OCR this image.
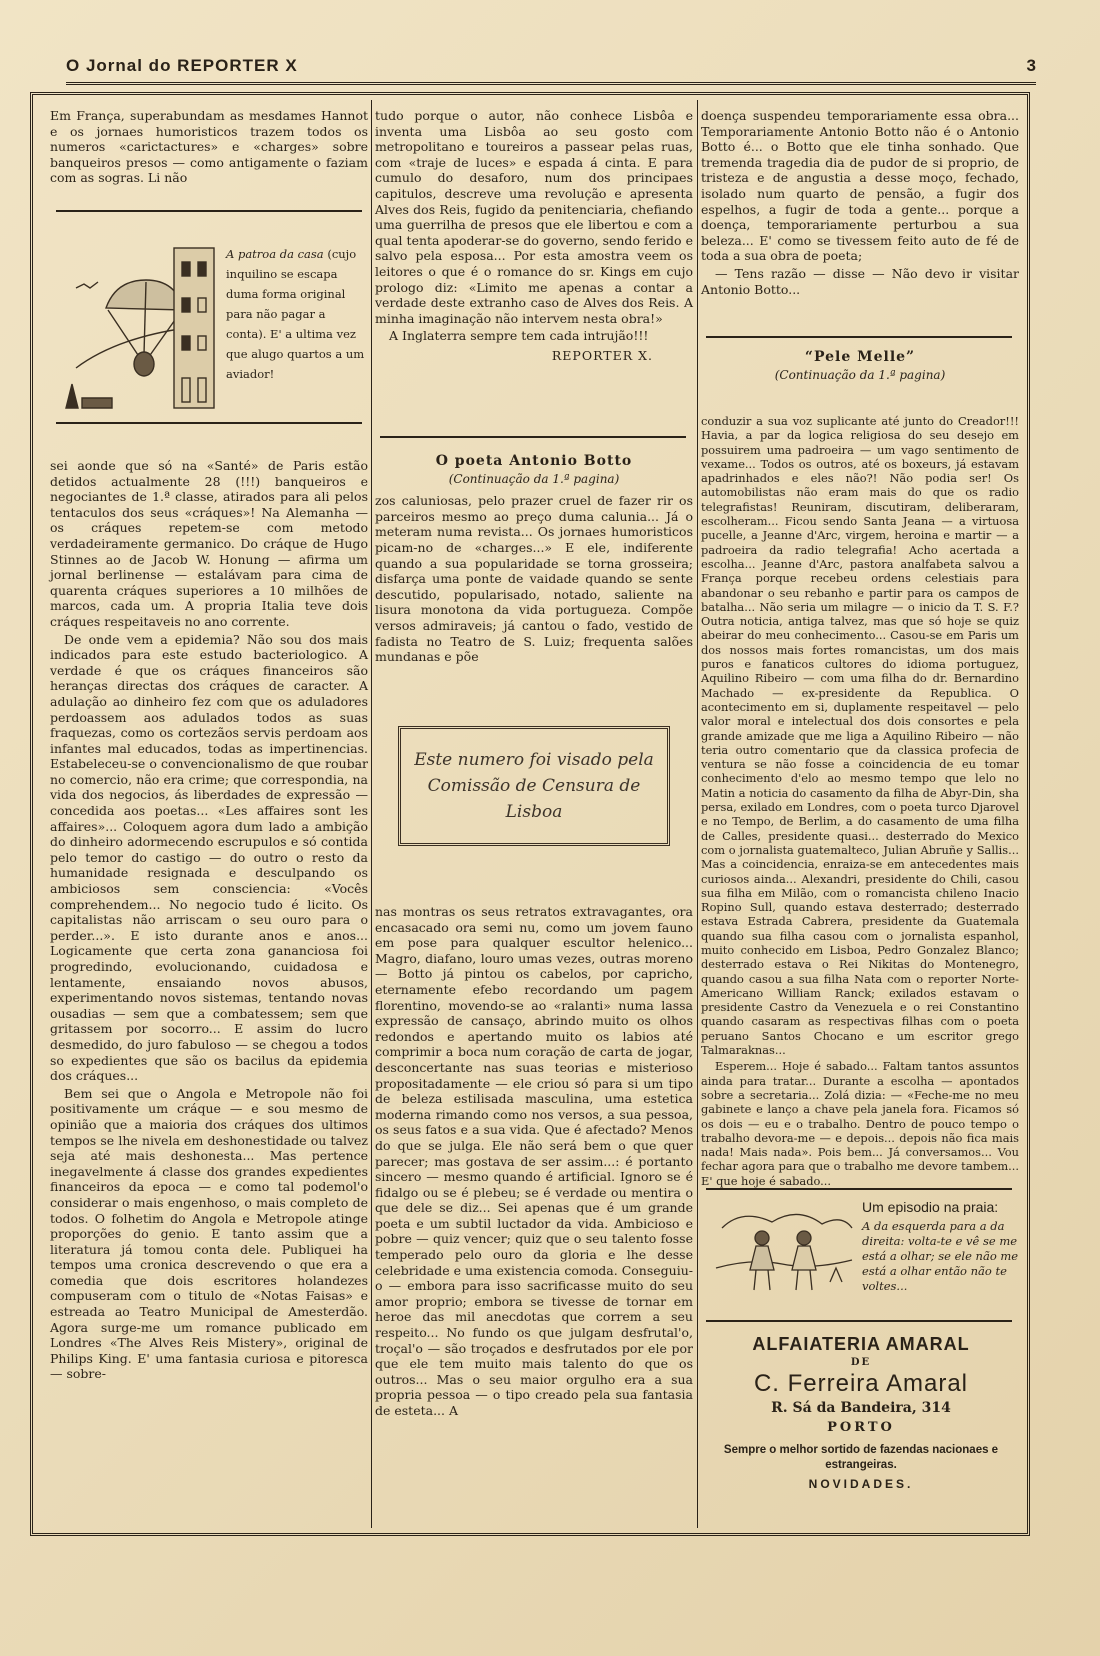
O Jornal do REPORTER X	3

Em França, superabundam as mesdames Hannot e os jornaes humoristicos trazem todos os numeros «carictactures» e «charges» sobre banqueiros presos — como antigamente o faziam com as sogras. Li não

A patroa da casa (cujo inquilino se escapa duma forma original para não pagar a conta). E' a ultima vez que alugo quartos a um aviador!

sei aonde que só na «Santé» de Paris estão detidos actualmente 28 (!!!) banqueiros e negociantes de 1.ª classe, atirados para ali pelos tentaculos dos seus «cráques»! Na Alemanha — os cráques repetem-se com metodo verdadeiramente germanico. Do cráque de Hugo Stinnes ao de Jacob W. Honung — afirma um jornal berlinense — estalávam para cima de quarenta cráques superiores a 10 milhões de marcos, cada um. A propria Italia teve dois cráques respeitaveis no ano corrente.

De onde vem a epidemia? Não sou dos mais indicados para este estudo bacteriologico. A verdade é que os cráques financeiros são heranças directas dos cráques de caracter. A adulação ao dinheiro fez com que os aduladores perdoassem aos adulados todos as suas fraquezas, como os cortezãos servis perdoam aos infantes mal educados, todas as impertinencias. Estabeleceu-se o convencionalismo de que roubar no comercio, não era crime; que correspondia, na vida dos negocios, ás liberdades de expressão — concedida aos poetas... «Les affaires sont les affaires»... Coloquem agora dum lado a ambição do dinheiro adormecendo escrupulos e só contida pelo temor do castigo — do outro o resto da humanidade resignada e desculpando os ambiciosos sem consciencia: «Vocês comprehendem... No negocio tudo é licito. Os capitalistas não arriscam o seu ouro para o perder...». E isto durante anos e anos... Logicamente que certa zona gananciosa foi progredindo, evolucionando, cuidadosa e lentamente, ensaiando novos abusos, experimentando novos sistemas, tentando novas ousadias — sem que a combatessem; sem que gritassem por socorro... E assim do lucro desmedido, do juro fabuloso — se chegou a todos so expedientes que são os bacilus da epidemia dos cráques...

Bem sei que o Angola e Metropole não foi positivamente um cráque — e sou mesmo de opinião que a maioria dos cráques dos ultimos tempos se lhe nivela em deshonestidade ou talvez seja até mais deshonesta... Mas pertence inegavelmente á classe dos grandes expedientes financeiros da epoca — e como tal podemol'o considerar o mais engenhoso, o mais completo de todos. O folhetim do Angola e Metropole atinge proporções do genio. E tanto assim que a literatura já tomou conta dele. Publiquei ha tempos uma cronica descrevendo o que era a comedia que dois escritores holandezes compuseram com o titulo de «Notas Faisas» e estreada ao Teatro Municipal de Amesterdão. Agora surge-me um romance publicado em Londres «The Alves Reis Mistery», original de Philips King. E' uma fantasia curiosa e pitoresca — sobre-

tudo porque o autor, não conhece Lisbôa e inventa uma Lisbôa ao seu gosto com metropolitano e toureiros a passear pelas ruas, com «traje de luces» e espada á cinta. E para cumulo do desaforo, num dos principaes capitulos, descreve uma revolução e apresenta Alves dos Reis, fugido da penitenciaria, chefiando uma guerrilha de presos que ele libertou e com a qual tenta apoderar-se do governo, sendo ferido e salvo pela esposa... Por esta amostra veem os leitores o que é o romance do sr. Kings em cujo prologo diz: «Limito me apenas a contar a verdade deste extranho caso de Alves dos Reis. A minha imaginação não intervem nesta obra!»

A Inglaterra sempre tem cada intrujão!!!

REPORTER X.
O poeta Antonio Botto
(Continuação da 1.ª pagina)

zos caluniosas, pelo prazer cruel de fazer rir os parceiros mesmo ao preço duma calunia... Já o meteram numa revista... Os jornaes humoristicos picam-no de «charges...» E ele, indiferente quando a sua popularidade se torna grosseira; disfarça uma ponte de vaidade quando se sente descutido, popularisado, notado, saliente na lisura monotona da vida portugueza. Compõe versos admiraveis; já cantou o fado, vestido de fadista no Teatro de S. Luiz; frequenta salões mundanas e põe

Este numero foi visado pela Comissão de Censura de Lisboa

nas montras os seus retratos extravagantes, ora encasacado ora semi nu, como um jovem fauno em pose para qualquer escultor helenico... Magro, diafano, louro umas vezes, outras moreno — Botto já pintou os cabelos, por capricho, eternamente efebo recordando um pagem florentino, movendo-se ao «ralanti» numa lassa expressão de cansaço, abrindo muito os olhos redondos e apertando muito os labios até comprimir a boca num coração de carta de jogar, desconcertante nas suas teorias e misterioso propositadamente — ele criou só para si um tipo de beleza estilisada masculina, uma estetica moderna rimando como nos versos, a sua pessoa, os seus fatos e a sua vida. Que é afectado? Menos do que se julga. Ele não será bem o que quer parecer; mas gostava de ser assim...: é portanto sincero — mesmo quando é artificial. Ignoro se é fidalgo ou se é plebeu; se é verdade ou mentira o que dele se diz... Sei apenas que é um grande poeta e um subtil luctador da vida. Ambicioso e pobre — quiz vencer; quiz que o seu talento fosse temperado pelo ouro da gloria e lhe desse celebridade e uma existencia comoda. Conseguiu-o — embora para isso sacrificasse muito do seu amor proprio; embora se tivesse de tornar em heroe das mil anecdotas que correm a seu respeito... No fundo os que julgam desfrutal'o, troçal'o — são troçados e desfrutados por ele por que ele tem muito mais talento do que os outros... Mas o seu maior orgulho era a sua propria pessoa — o tipo creado pela sua fantasia de esteta... A

doença suspendeu temporariamente essa obra... Temporariamente Antonio Botto não é o Antonio Botto é... o Botto que ele tinha sonhado. Que tremenda tragedia dia de pudor de si proprio, de tristeza e de angustia a desse moço, fechado, isolado num quarto de pensão, a fugir dos espelhos, a fugir de toda a gente... porque a doença, temporariamente perturbou a sua beleza... E' como se tivessem feito auto de fé de toda a sua obra de poeta;

— Tens razão — disse — Não devo ir visitar Antonio Botto...

“Pele Melle”
(Continuação da 1.ª pagina)

conduzir a sua voz suplicante até junto do Creador!!! Havia, a par da logica religiosa do seu desejo em possuirem uma padroeira — um vago sentimento de vexame... Todos os outros, até os boxeurs, já estavam apadrinhados e eles não?! Não podia ser! Os automobilistas não eram mais do que os radio telegrafistas! Reuniram, discutiram, deliberaram, escolheram... Ficou sendo Santa Jeana — a virtuosa pucelle, a Jeanne d'Arc, virgem, heroina e martir — a padroeira da radio telegrafia! Acho acertada a escolha... Jeanne d'Arc, pastora analfabeta salvou a França porque recebeu ordens celestiais para abandonar o seu rebanho e partir para os campos de batalha... Não seria um milagre — o inicio da T. S. F.? Outra noticia, antiga talvez, mas que só hoje se quiz abeirar do meu conhecimento... Casou-se em Paris um dos nossos mais fortes romancistas, um dos mais puros e fanaticos cultores do idioma portuguez, Aquilino Ribeiro — com uma filha do dr. Bernardino Machado — ex-presidente da Republica. O acontecimento em si, duplamente respeitavel — pelo valor moral e intelectual dos dois consortes e pela grande amizade que me liga a Aquilino Ribeiro — não teria outro comentario que da classica profecia de ventura se não fosse a coincidencia de eu tomar conhecimento d'elo ao mesmo tempo que lelo no Matin a noticia do casamento da filha de Abyr-Din, sha persa, exilado em Londres, com o poeta turco Djarovel e no Tempo, de Berlim, a do casamento de uma filha de Calles, presidente quasi... desterrado do Mexico com o jornalista guatemalteco, Julian Abruñe y Sallis... Mas a coincidencia, enraiza-se em antecedentes mais curiosos ainda... Alexandri, presidente do Chili, casou sua filha em Milão, com o romancista chileno Inacio Ropino Sull, quando estava desterrado; desterrado estava Estrada Cabrera, presidente da Guatemala quando sua filha casou com o jornalista espanhol, muito conhecido em Lisboa, Pedro Gonzalez Blanco; desterrado estava o Rei Nikitas do Montenegro, quando casou a sua filha Nata com o reporter Norte-Americano William Ranck; exilados estavam o presidente Castro da Venezuela e o rei Constantino quando casaram as respectivas filhas com o poeta peruano Santos Chocano e um escritor grego Talmaraknas...

Esperem... Hoje é sabado... Faltam tantos assuntos ainda para tratar... Durante a escolha — apontados sobre a secretaria... Zolá dizia: — «Feche-me no meu gabinete e lanço a chave pela janela fora. Ficamos só os dois — eu e o trabalho. Dentro de pouco tempo o trabalho devora-me — e depois... depois não fica mais nada! Mais nada». Pois bem... Já conversamos... Vou fechar agora para que o trabalho me devore tambem... E' que hoje é sabado...

Um episodio na praia:
A da esquerda para a da direita: volta-te e vê se me está a olhar; se ele não me está a olhar então não te voltes...
ALFAIATERIA AMARAL
DE
C. Ferreira Amaral
R. Sá da Bandeira, 314
PORTO
Sempre o melhor sortido de fazendas nacionaes e estrangeiras.
NOVIDADES.
